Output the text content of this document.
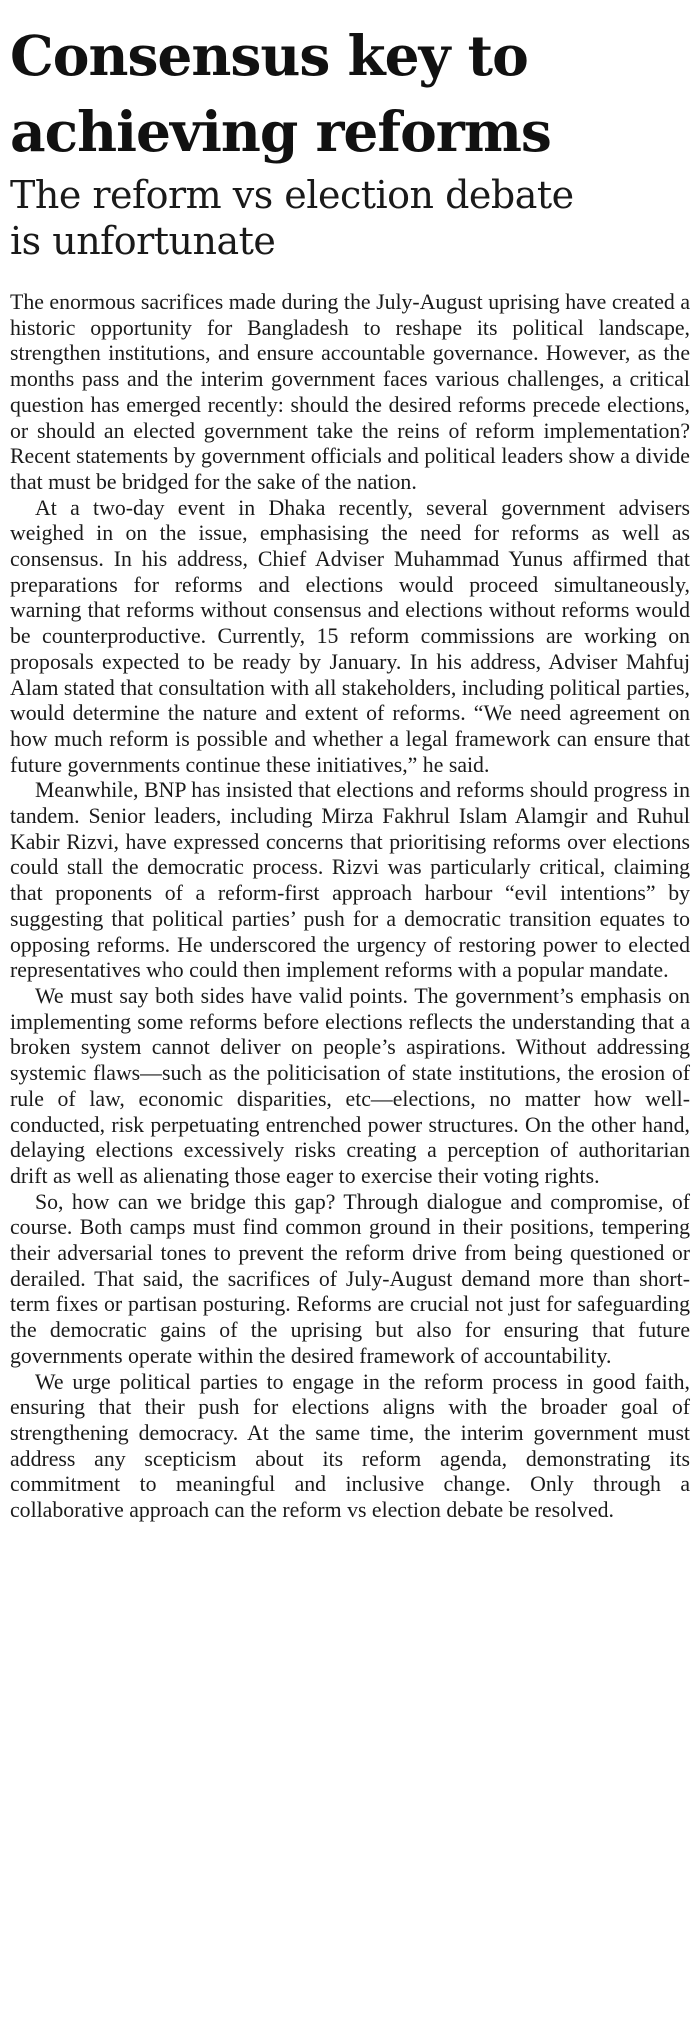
Consensus key to
achieving reforms
The reform vs election debate
is unfortunate

The enormous sacrifices made during the July-August uprising have created a historic opportunity for Bangladesh to reshape its political landscape, strengthen institutions, and ensure accountable governance. However, as the months pass and the interim government faces various challenges, a critical question has emerged recently: should the desired reforms precede elections, or should an elected government take the reins of reform implementation? Recent statements by government officials and political leaders show a divide that must be bridged for the sake of the nation.

At a two-day event in Dhaka recently, several government advisers weighed in on the issue, emphasising the need for reforms as well as consensus. In his address, Chief Adviser Muhammad Yunus affirmed that preparations for reforms and elections would proceed simultaneously, warning that reforms without consensus and elections without reforms would be counterproductive. Currently, 15 reform commissions are working on proposals expected to be ready by January. In his address, Adviser Mahfuj Alam stated that consultation with all stakeholders, including political parties, would determine the nature and extent of reforms. “We need agreement on how much reform is possible and whether a legal framework can ensure that future governments continue these initiatives,” he said.

Meanwhile, BNP has insisted that elections and reforms should progress in tandem. Senior leaders, including Mirza Fakhrul Islam Alamgir and Ruhul Kabir Rizvi, have expressed concerns that prioritising reforms over elections could stall the democratic process. Rizvi was particularly critical, claiming that proponents of a reform-first approach harbour “evil intentions” by suggesting that political parties’ push for a democratic transition equates to opposing reforms. He underscored the urgency of restoring power to elected representatives who could then implement reforms with a popular mandate.

We must say both sides have valid points. The government’s emphasis on implementing some reforms before elections reflects the understanding that a broken system cannot deliver on people’s aspirations. Without addressing systemic flaws—such as the politicisation of state institutions, the erosion of rule of law, economic disparities, etc—elections, no matter how well-conducted, risk perpetuating entrenched power structures. On the other hand, delaying elections excessively risks creating a perception of authoritarian drift as well as alienating those eager to exercise their voting rights.

So, how can we bridge this gap? Through dialogue and compromise, of course. Both camps must find common ground in their positions, tempering their adversarial tones to prevent the reform drive from being questioned or derailed. That said, the sacrifices of July-August demand more than short-term fixes or partisan posturing. Reforms are crucial not just for safeguarding the democratic gains of the uprising but also for ensuring that future governments operate within the desired framework of accountability.

We urge political parties to engage in the reform process in good faith, ensuring that their push for elections aligns with the broader goal of strengthening democracy. At the same time, the interim government must address any scepticism about its reform agenda, demonstrating its commitment to meaningful and inclusive change. Only through a collaborative approach can the reform vs election debate be resolved.
